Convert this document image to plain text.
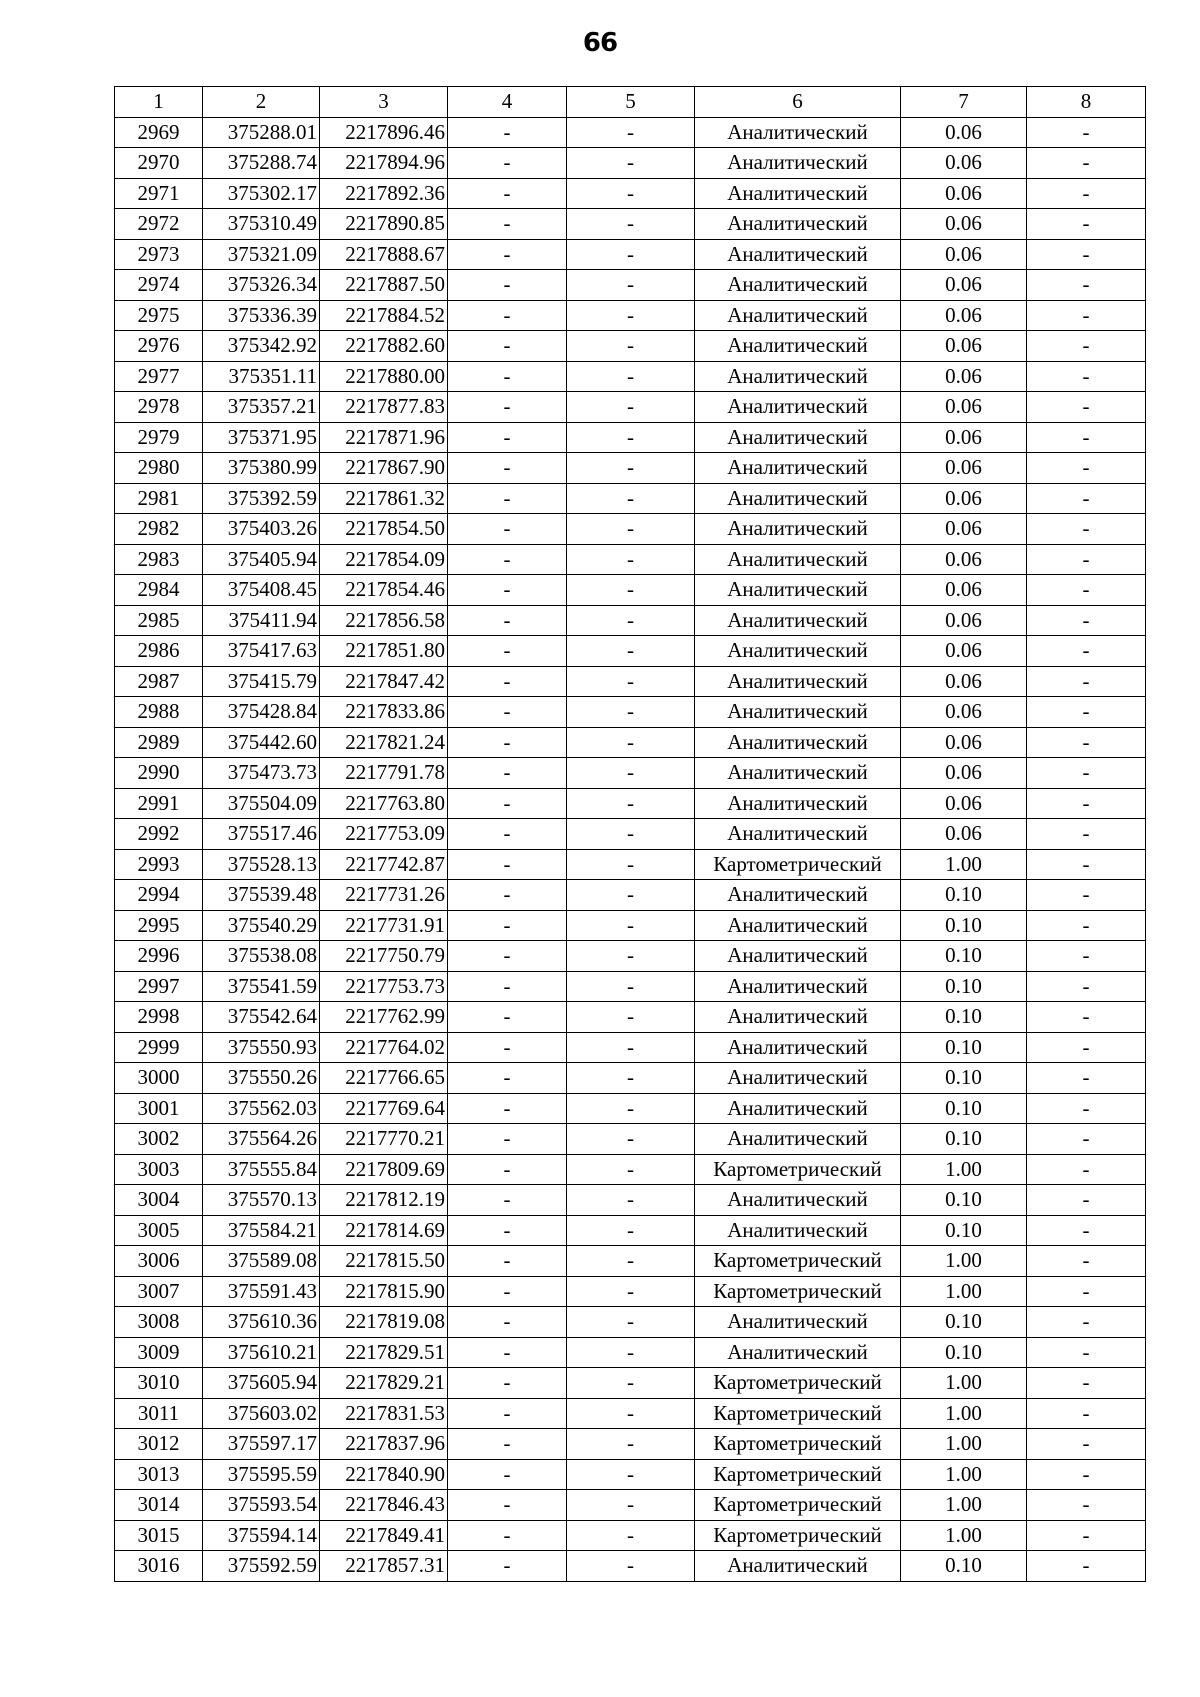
66
1	2	3	4	5	6	7	8
2969	375288.01	2217896.46	-	-	Аналитический	0.06	-
2970	375288.74	2217894.96	-	-	Аналитический	0.06	-
2971	375302.17	2217892.36	-	-	Аналитический	0.06	-
2972	375310.49	2217890.85	-	-	Аналитический	0.06	-
2973	375321.09	2217888.67	-	-	Аналитический	0.06	-
2974	375326.34	2217887.50	-	-	Аналитический	0.06	-
2975	375336.39	2217884.52	-	-	Аналитический	0.06	-
2976	375342.92	2217882.60	-	-	Аналитический	0.06	-
2977	375351.11	2217880.00	-	-	Аналитический	0.06	-
2978	375357.21	2217877.83	-	-	Аналитический	0.06	-
2979	375371.95	2217871.96	-	-	Аналитический	0.06	-
2980	375380.99	2217867.90	-	-	Аналитический	0.06	-
2981	375392.59	2217861.32	-	-	Аналитический	0.06	-
2982	375403.26	2217854.50	-	-	Аналитический	0.06	-
2983	375405.94	2217854.09	-	-	Аналитический	0.06	-
2984	375408.45	2217854.46	-	-	Аналитический	0.06	-
2985	375411.94	2217856.58	-	-	Аналитический	0.06	-
2986	375417.63	2217851.80	-	-	Аналитический	0.06	-
2987	375415.79	2217847.42	-	-	Аналитический	0.06	-
2988	375428.84	2217833.86	-	-	Аналитический	0.06	-
2989	375442.60	2217821.24	-	-	Аналитический	0.06	-
2990	375473.73	2217791.78	-	-	Аналитический	0.06	-
2991	375504.09	2217763.80	-	-	Аналитический	0.06	-
2992	375517.46	2217753.09	-	-	Аналитический	0.06	-
2993	375528.13	2217742.87	-	-	Картометрический	1.00	-
2994	375539.48	2217731.26	-	-	Аналитический	0.10	-
2995	375540.29	2217731.91	-	-	Аналитический	0.10	-
2996	375538.08	2217750.79	-	-	Аналитический	0.10	-
2997	375541.59	2217753.73	-	-	Аналитический	0.10	-
2998	375542.64	2217762.99	-	-	Аналитический	0.10	-
2999	375550.93	2217764.02	-	-	Аналитический	0.10	-
3000	375550.26	2217766.65	-	-	Аналитический	0.10	-
3001	375562.03	2217769.64	-	-	Аналитический	0.10	-
3002	375564.26	2217770.21	-	-	Аналитический	0.10	-
3003	375555.84	2217809.69	-	-	Картометрический	1.00	-
3004	375570.13	2217812.19	-	-	Аналитический	0.10	-
3005	375584.21	2217814.69	-	-	Аналитический	0.10	-
3006	375589.08	2217815.50	-	-	Картометрический	1.00	-
3007	375591.43	2217815.90	-	-	Картометрический	1.00	-
3008	375610.36	2217819.08	-	-	Аналитический	0.10	-
3009	375610.21	2217829.51	-	-	Аналитический	0.10	-
3010	375605.94	2217829.21	-	-	Картометрический	1.00	-
3011	375603.02	2217831.53	-	-	Картометрический	1.00	-
3012	375597.17	2217837.96	-	-	Картометрический	1.00	-
3013	375595.59	2217840.90	-	-	Картометрический	1.00	-
3014	375593.54	2217846.43	-	-	Картометрический	1.00	-
3015	375594.14	2217849.41	-	-	Картометрический	1.00	-
3016	375592.59	2217857.31	-	-	Аналитический	0.10	-
